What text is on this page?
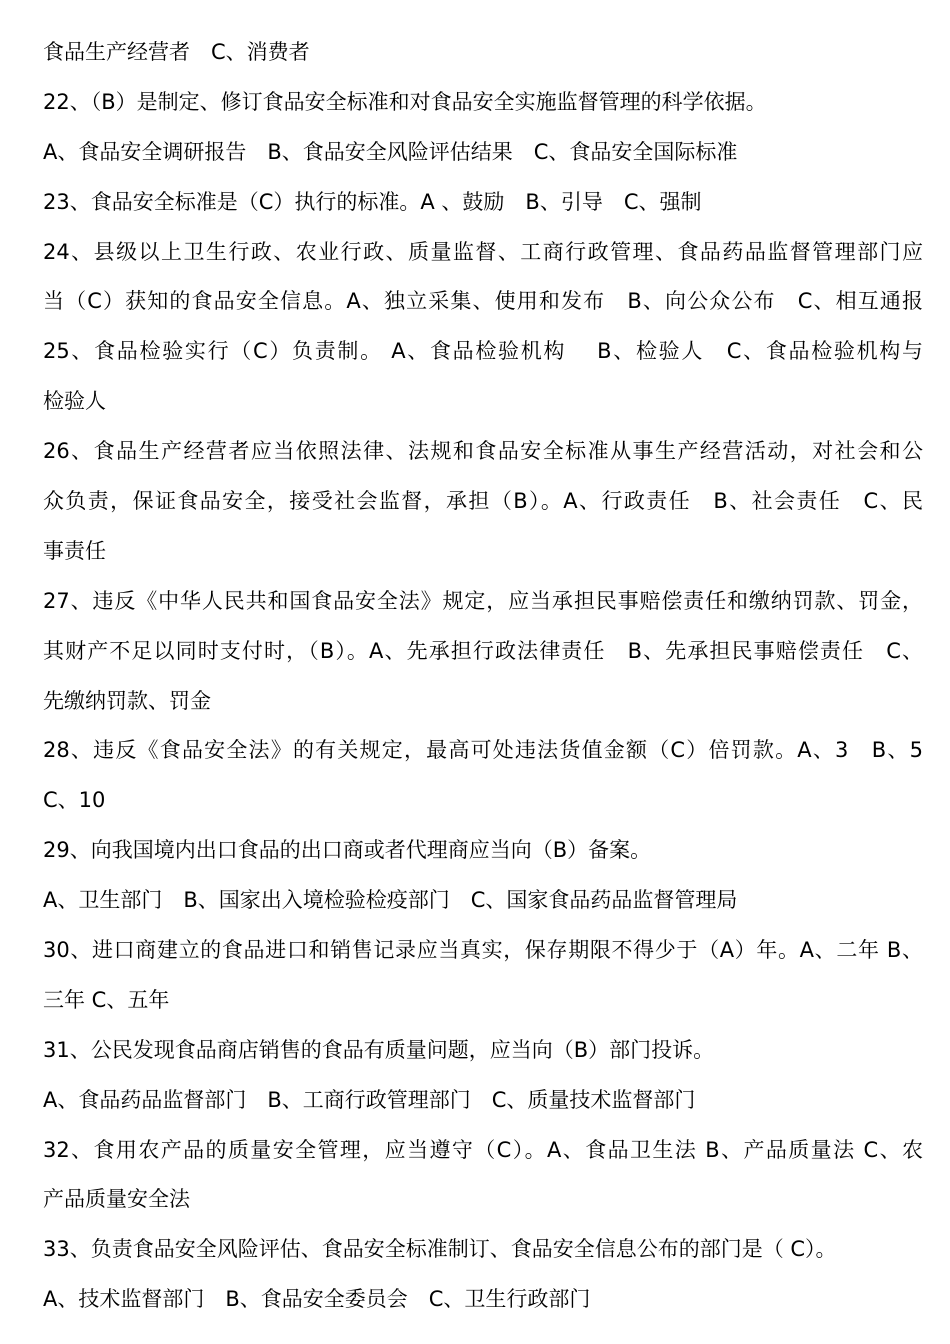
食品生产经营者　C、消费者
22、（B）是制定、修订食品安全标准和对食品安全实施监督管理的科学依据。
A、食品安全调研报告　B、食品安全风险评估结果　C、食品安全国际标准
23、食品安全标准是（C）执行的标准。A 、鼓励　B、引导　C、强制
24、县级以上卫生行政、农业行政、质量监督、工商行政管理、食品药品监督管理部门应
当（C）获知的食品安全信息。A、独立采集、使用和发布　B、向公众公布　C、相互通报
25、食品检验实行（C）负责制。 A、食品检验机构　 B、检验人　C、食品检验机构与
检验人
26、食品生产经营者应当依照法律、法规和食品安全标准从事生产经营活动，对社会和公
众负责，保证食品安全，接受社会监督，承担（B）。A、行政责任　B、社会责任　C、民
事责任
27、违反《中华人民共和国食品安全法》规定，应当承担民事赔偿责任和缴纳罚款、罚金，
其财产不足以同时支付时，（B）。A、先承担行政法律责任　B、先承担民事赔偿责任　C、
先缴纳罚款、罚金
28、违反《食品安全法》的有关规定，最高可处违法货值金额（C）倍罚款。A、3　B、5
C、10
29、向我国境内出口食品的出口商或者代理商应当向（B）备案。
A、卫生部门　B、国家出入境检验检疫部门　C、国家食品药品监督管理局
30、进口商建立的食品进口和销售记录应当真实，保存期限不得少于（A）年。A、二年 B、
三年 C、五年
31、公民发现食品商店销售的食品有质量问题，应当向（B）部门投诉。
A、食品药品监督部门　B、工商行政管理部门　C、质量技术监督部门
32、食用农产品的质量安全管理，应当遵守（C）。A、食品卫生法 B、产品质量法 C、农
产品质量安全法
33、负责食品安全风险评估、食品安全标准制订、食品安全信息公布的部门是（ C）。
A、技术监督部门　B、食品安全委员会　C、卫生行政部门
